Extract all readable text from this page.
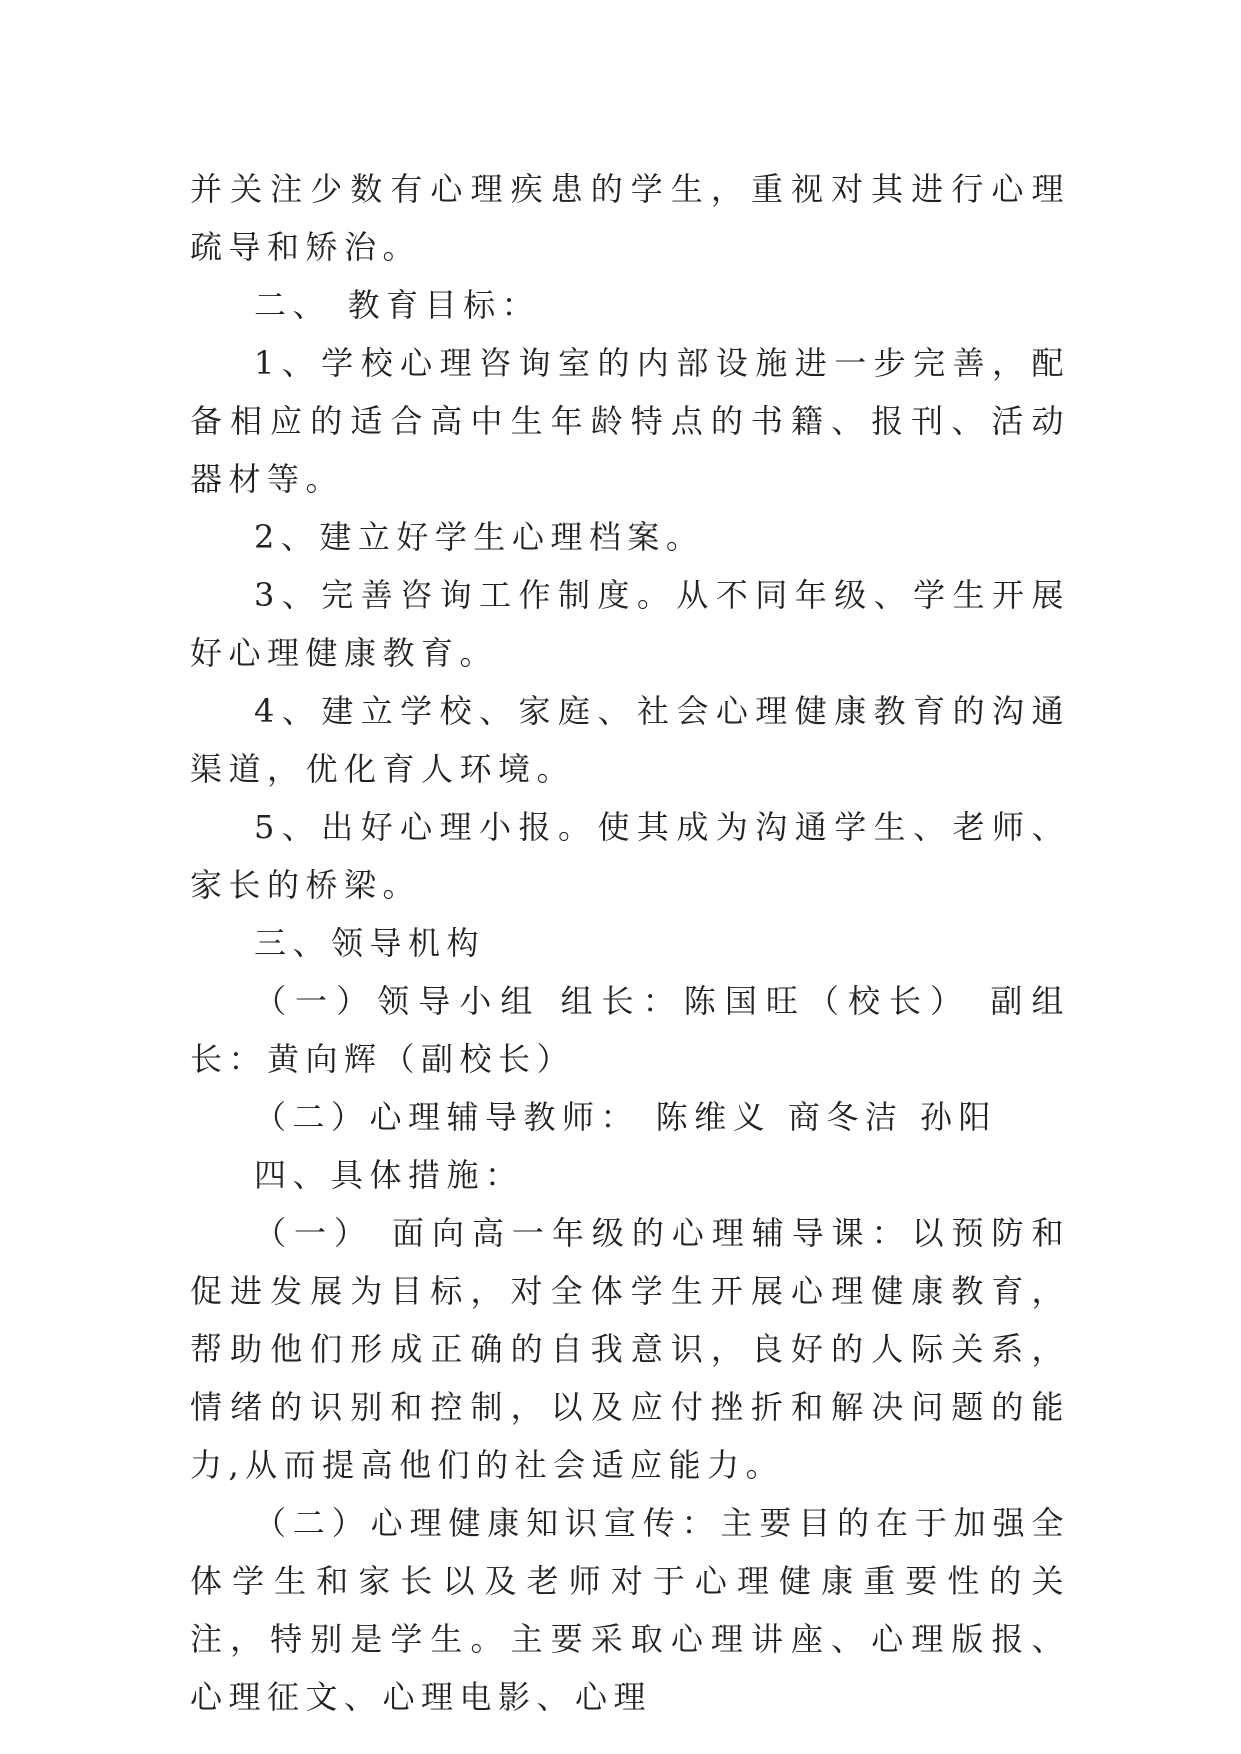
并关注少数有心理疾患的学生，重视对其进行心理疏导和矫治。

二、 教育目标：

1、学校心理咨询室的内部设施进一步完善，配备相应的适合高中生年龄特点的书籍、报刊、活动器材等。

2、建立好学生心理档案。

3、完善咨询工作制度。从不同年级、学生开展好心理健康教育。

4、建立学校、家庭、社会心理健康教育的沟通渠道，优化育人环境。

5、出好心理小报。使其成为沟通学生、老师、家长的桥梁。

三、领导机构

（一）领导小组 组长：陈国旺（校长） 副组长：黄向辉（副校长）

（二）心理辅导教师： 陈维义 商冬洁 孙阳

四、具体措施：

（一） 面向高一年级的心理辅导课：以预防和促进发展为目标，对全体学生开展心理健康教育，帮助他们形成正确的自我意识，良好的人际关系，情绪的识别和控制，以及应付挫折和解决问题的能力,从而提高他们的社会适应能力。

（二）心理健康知识宣传：主要目的在于加强全体学生和家长以及老师对于心理健康重要性的关注，特别是学生。主要采取心理讲座、心理版报、心理征文、心理电影、心理
